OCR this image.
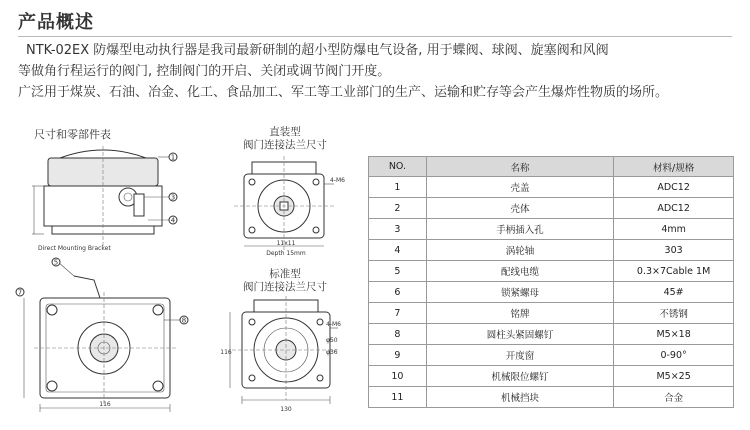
产品概述
NTK-02EX 防爆型电动执行器是我司最新研制的超小型防爆电气设备, 用于蝶阀、球阀、旋塞阀和风阀
等做角行程运行的阀门, 控制阀门的开启、关闭或调节阀门开度。
广泛用于煤炭、石油、冶金、化工、食品加工、军工等工业部门的生产、运输和贮存等会产生爆炸性物质的场所。
尺寸和零部件表
1
3
4
Direct Mounting Bracket
5
116
7
8
直装型
阀门连接法兰尺寸
4-M6
11x11
Depth 15mm
标准型
阀门连接法兰尺寸
4-M6
φ50
φ36
130
116
NO.	名称	材料/规格
1	壳盖	ADC12
2	壳体	ADC12
3	手柄插入孔	4mm
4	涡轮轴	303
5	配线电缆	0.3×7Cable 1M
6	锁紧螺母	45#
7	铭牌	不锈钢
8	圆柱头紧固螺钉	M5×18
9	开度窗	0-90°
10	机械限位螺钉	M5×25
11	机械挡块	合金
